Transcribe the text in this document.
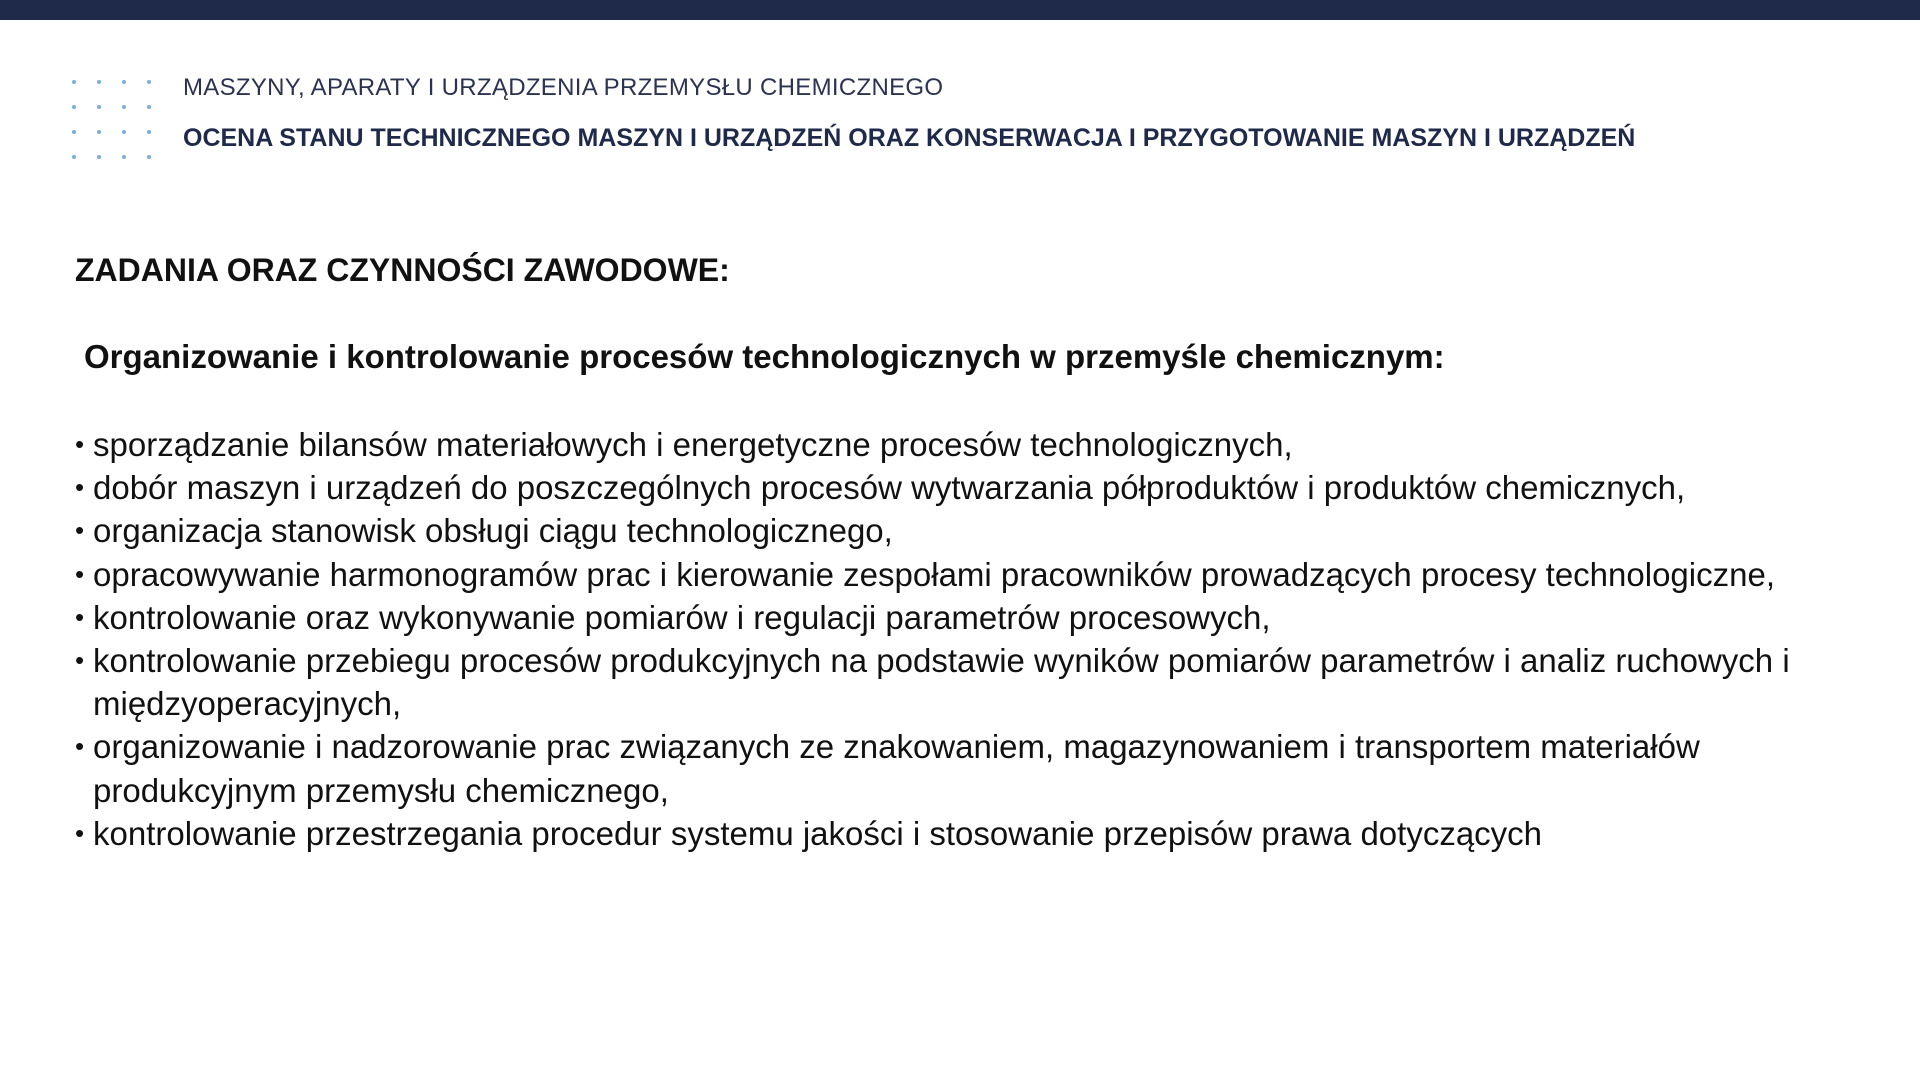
MASZYNY, APARATY I URZĄDZENIA PRZEMYSŁU CHEMICZNEGO
OCENA STANU TECHNICZNEGO MASZYN I URZĄDZEŃ ORAZ KONSERWACJA I PRZYGOTOWANIE MASZYN I URZĄDZEŃ
ZADANIA ORAZ CZYNNOŚCI ZAWODOWE:
Organizowanie i kontrolowanie procesów technologicznych w przemyśle chemicznym:
• sporządzanie bilansów materiałowych i energetyczne procesów technologicznych,
• dobór maszyn i urządzeń do poszczególnych procesów wytwarzania półproduktów i produktów chemicznych,
• organizacja stanowisk obsługi ciągu technologicznego,
• opracowywanie harmonogramów prac i kierowanie zespołami pracowników prowadzących procesy technologiczne,
• kontrolowanie oraz wykonywanie pomiarów i regulacji parametrów procesowych,
• kontrolowanie przebiegu procesów produkcyjnych na podstawie wyników pomiarów parametrów i analiz ruchowych i międzyoperacyjnych,
• organizowanie i nadzorowanie prac związanych ze znakowaniem, magazynowaniem i transportem materiałów produkcyjnym przemysłu chemicznego,
• kontrolowanie przestrzegania procedur systemu jakości i stosowanie przepisów prawa dotyczących
